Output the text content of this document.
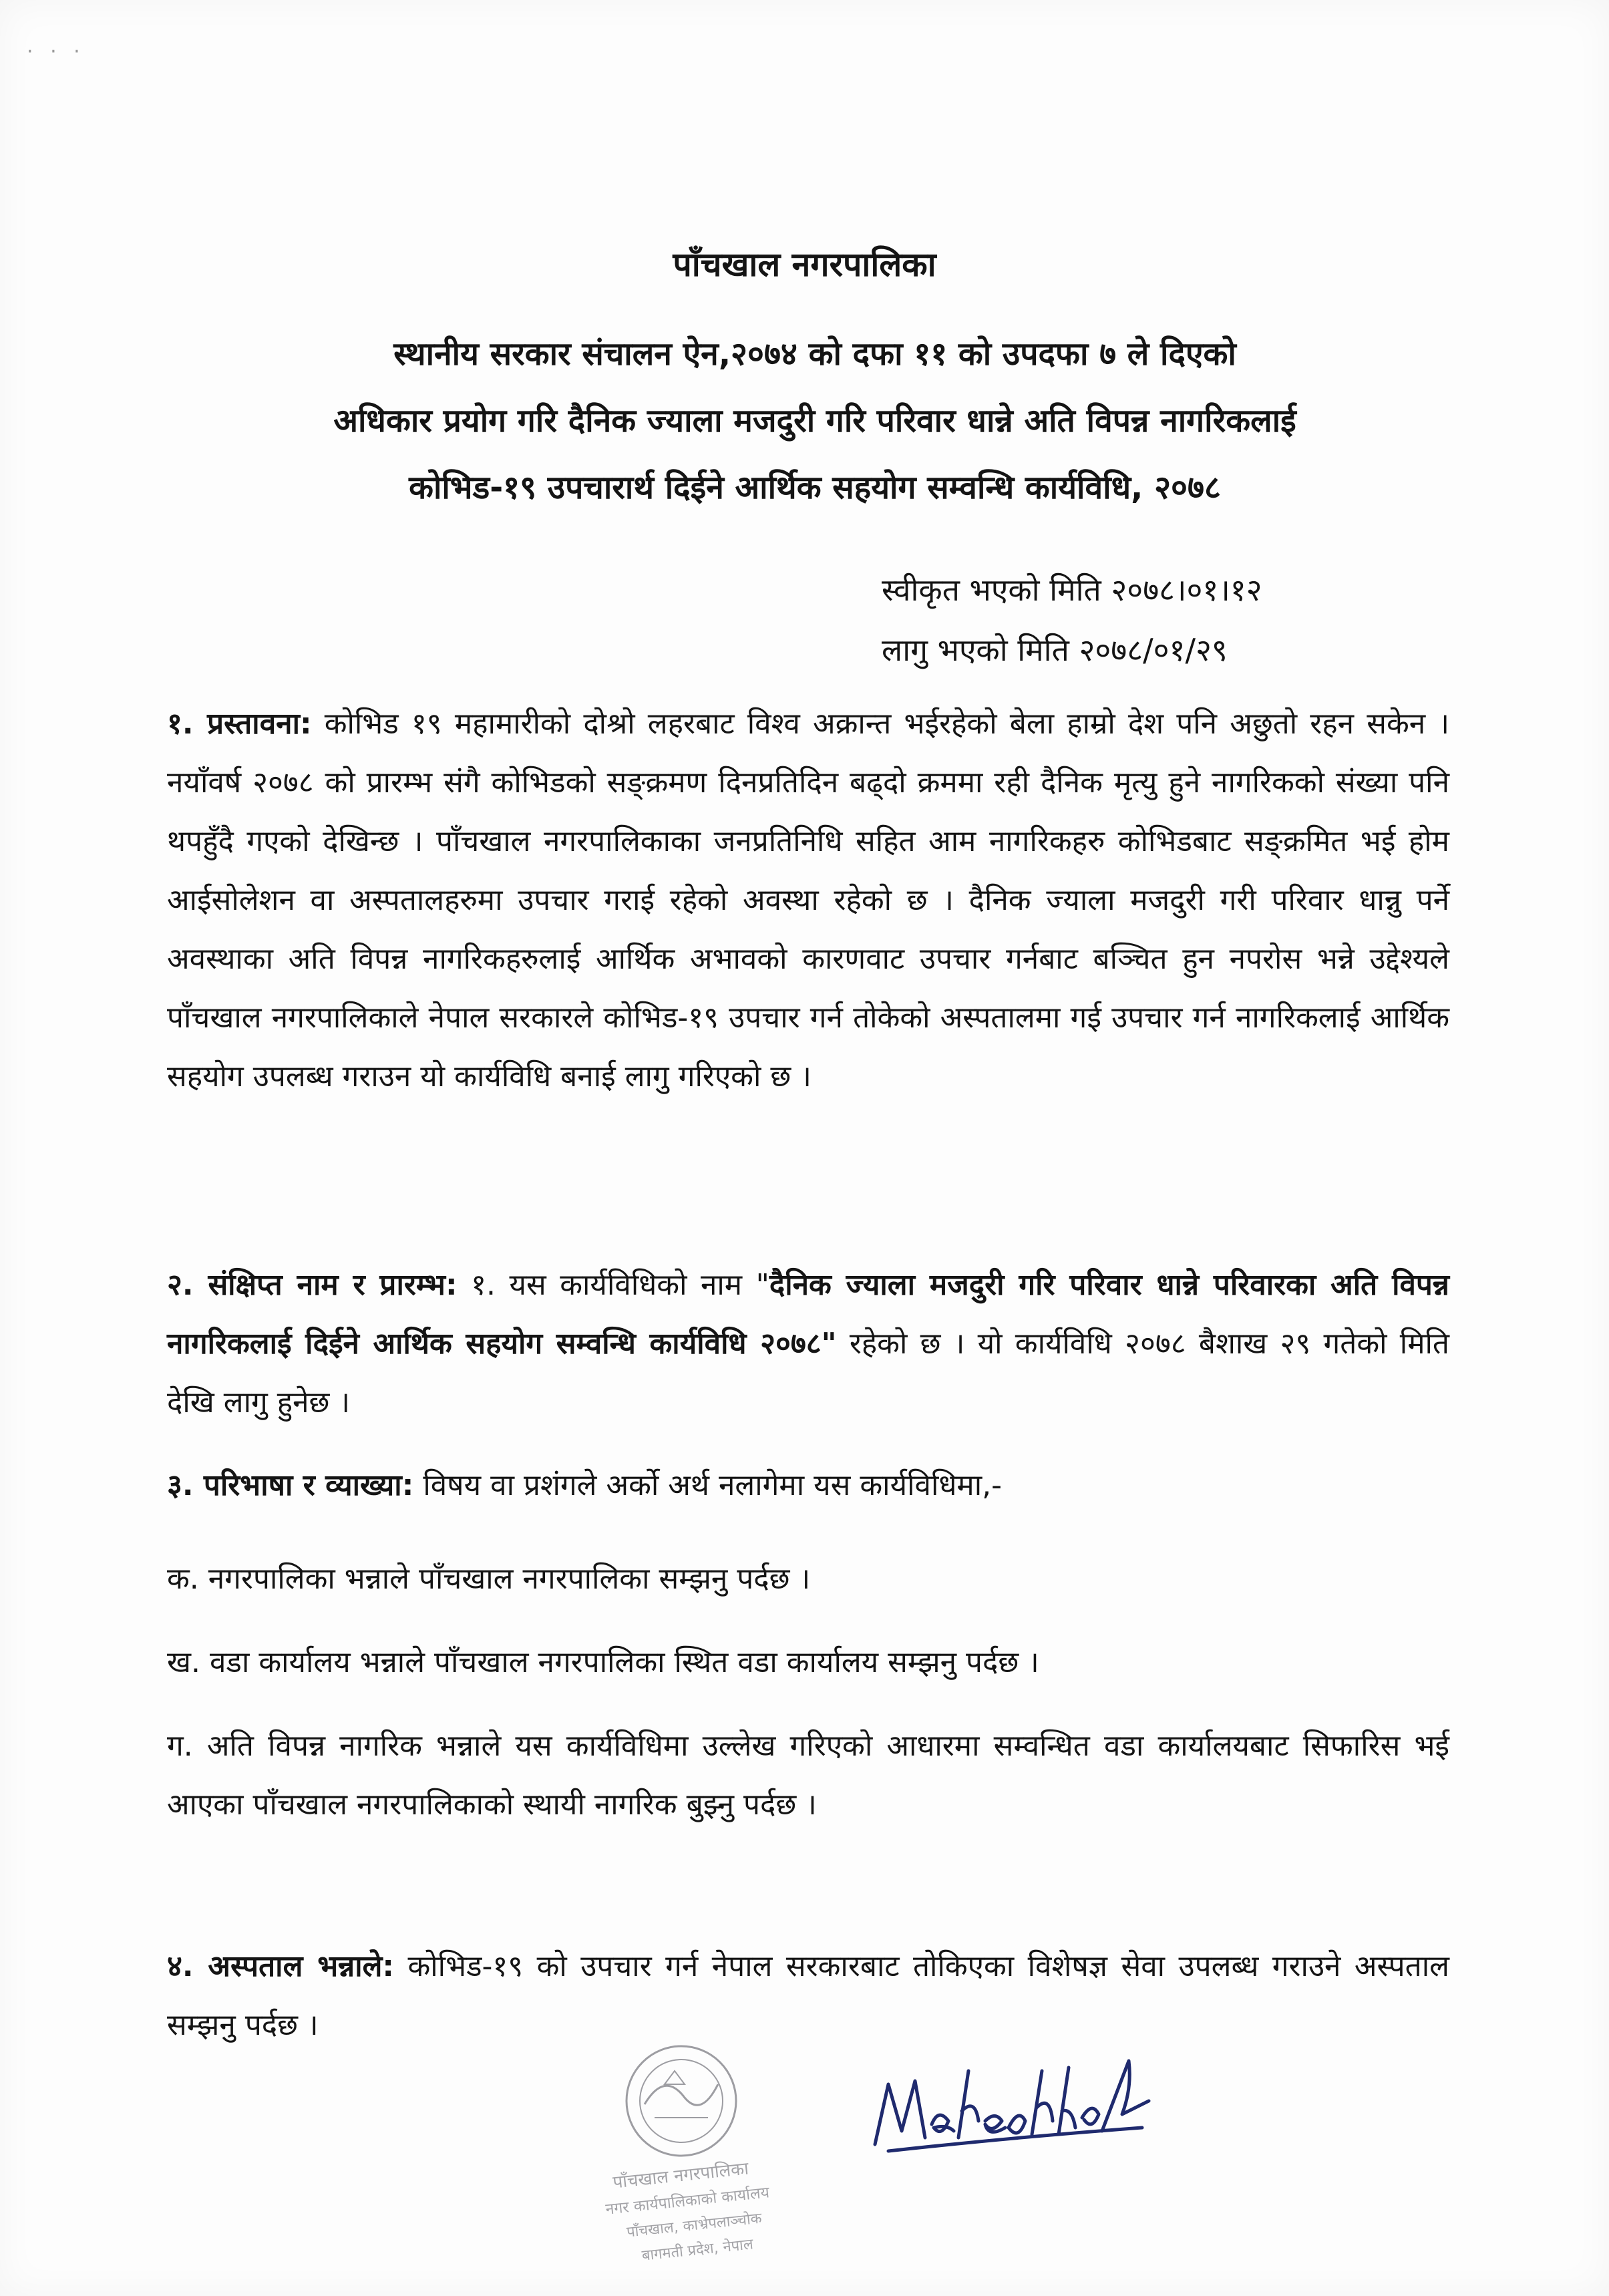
· · ·
पाँचखाल नगरपालिका
स्थानीय सरकार संचालन ऐन,२०७४ को दफा ११ को उपदफा ७ ले दिएको
अधिकार प्रयोग गरि दैनिक ज्याला मजदुरी गरि परिवार धान्ने अति विपन्न नागरिकलाई
कोभिड-१९ उपचारार्थ दिईने आर्थिक सहयोग सम्वन्धि कार्यविधि, २०७८
स्वीकृत भएको मिति २०७८।०१।१२
लागु भएको मिति २०७८/०१/२९
१. प्रस्तावना: कोभिड १९ महामारीको दोश्रो लहरबाट विश्व अक्रान्त भईरहेको बेला हाम्रो देश पनि अछुतो रहन सकेन । नयाँवर्ष २०७८ को प्रारम्भ संगै कोभिडको सङ्क्रमण दिनप्रतिदिन बढ्दो क्रममा रही दैनिक मृत्यु हुने नागरिकको संख्या पनि थपहुँदै गएको देखिन्छ । पाँचखाल नगरपालिकाका जनप्रतिनिधि सहित आम नागरिकहरु कोभिडबाट सङ्क्रमित भई होम आईसोलेशन वा अस्पतालहरुमा उपचार गराई रहेको अवस्था रहेको छ । दैनिक ज्याला मजदुरी गरी परिवार धान्नु पर्ने अवस्थाका अति विपन्न नागरिकहरुलाई आर्थिक अभावको कारणवाट उपचार गर्नबाट बञ्चित हुन नपरोस भन्ने उद्देश्यले पाँचखाल नगरपालिकाले नेपाल सरकारले कोभिड-१९ उपचार गर्न तोकेको अस्पतालमा गई उपचार गर्न नागरिकलाई आर्थिक सहयोग उपलब्ध गराउन यो कार्यविधि बनाई लागु गरिएको छ ।
२. संक्षिप्त नाम र प्रारम्भ: १. यस कार्यविधिको नाम "दैनिक ज्याला मजदुरी गरि परिवार धान्ने परिवारका अति विपन्न नागरिकलाई दिईने आर्थिक सहयोग सम्वन्धि कार्यविधि २०७८" रहेको छ । यो कार्यविधि २०७८ बैशाख २९ गतेको मिति देखि लागु हुनेछ ।
३. परिभाषा र व्याख्या: विषय वा प्रशंगले अर्को अर्थ नलागेमा यस कार्यविधिमा,-
क. नगरपालिका भन्नाले पाँचखाल नगरपालिका सम्झनु पर्दछ ।
ख. वडा कार्यालय भन्नाले पाँचखाल नगरपालिका स्थित वडा कार्यालय सम्झनु पर्दछ ।
ग. अति विपन्न नागरिक भन्नाले यस कार्यविधिमा उल्लेख गरिएको आधारमा सम्वन्धित वडा कार्यालयबाट सिफारिस भई आएका पाँचखाल नगरपालिकाको स्थायी नागरिक बुझ्नु पर्दछ ।
४. अस्पताल भन्नाले: कोभिड-१९ को उपचार गर्न नेपाल सरकारबाट तोकिएका विशेषज्ञ सेवा उपलब्ध गराउने अस्पताल सम्झनु पर्दछ ।
पाँचखाल नगरपालिका
नगर कार्यपालिकाको कार्यालय
पाँचखाल, काभ्रेपलाञ्चोक
बागमती प्रदेश, नेपाल
